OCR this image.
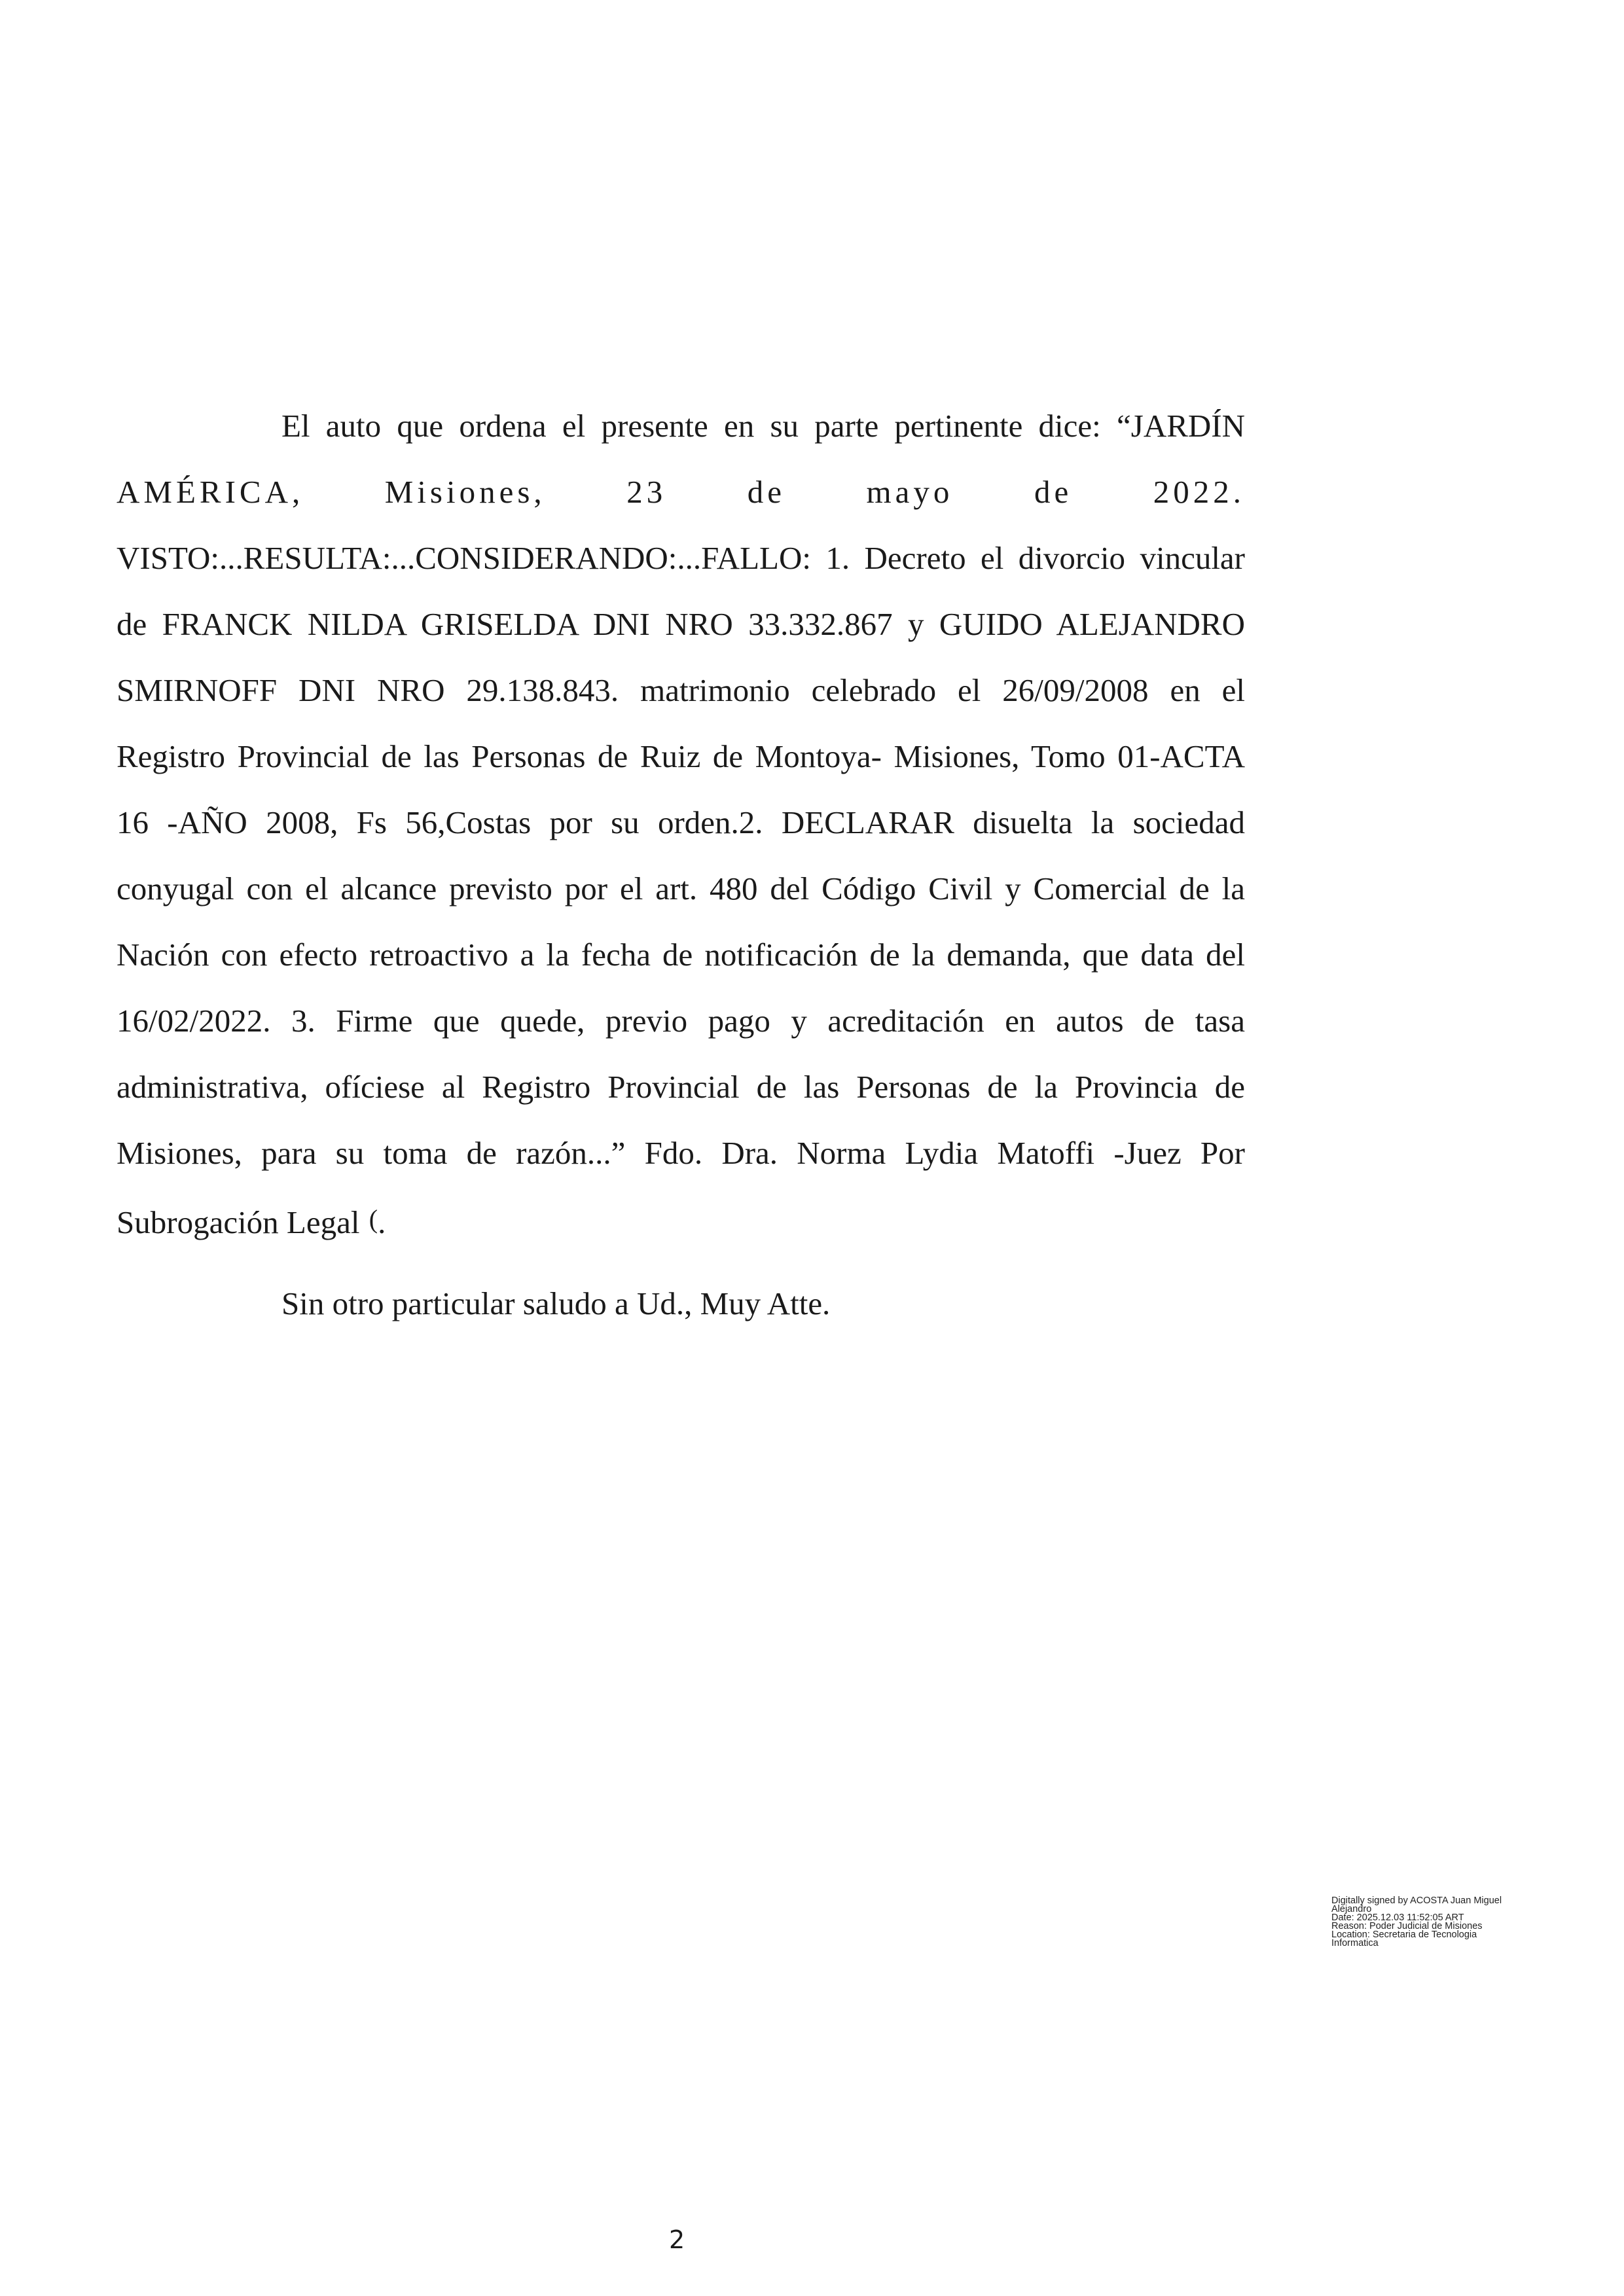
El auto que ordena el presente en su parte pertinente dice: “JARDÍN
AMÉRICA, Misiones, 23 de mayo de 2022.
VISTO:...RESULTA:...CONSIDERANDO:...FALLO: 1. Decreto el divorcio vincular
de FRANCK NILDA GRISELDA DNI NRO 33.332.867 y GUIDO ALEJANDRO
SMIRNOFF DNI NRO 29.138.843. matrimonio celebrado el 26/09/2008 en el
Registro Provincial de las Personas de Ruiz de Montoya- Misiones, Tomo 01-ACTA
16 -AÑO 2008, Fs 56,Costas por su orden.2. DECLARAR disuelta la sociedad
conyugal con el alcance previsto por el art. 480 del Código Civil y Comercial de la
Nación con efecto retroactivo a la fecha de notificación de la demanda, que data del
16/02/2022. 3. Firme que quede, previo pago y acreditación en autos de tasa
administrativa, ofíciese al Registro Provincial de las Personas de la Provincia de
Misiones, para su toma de razón...” Fdo. Dra. Norma Lydia Matoffi -Juez Por
Subrogación Legal (.
Sin otro particular saludo a Ud., Muy Atte.
Digitally signed by ACOSTA Juan Miguel
Alejandro
Date: 2025.12.03 11:52:05 ART
Reason: Poder Judicial de Misiones
Location: Secretaria de Tecnologia
Informatica
2
